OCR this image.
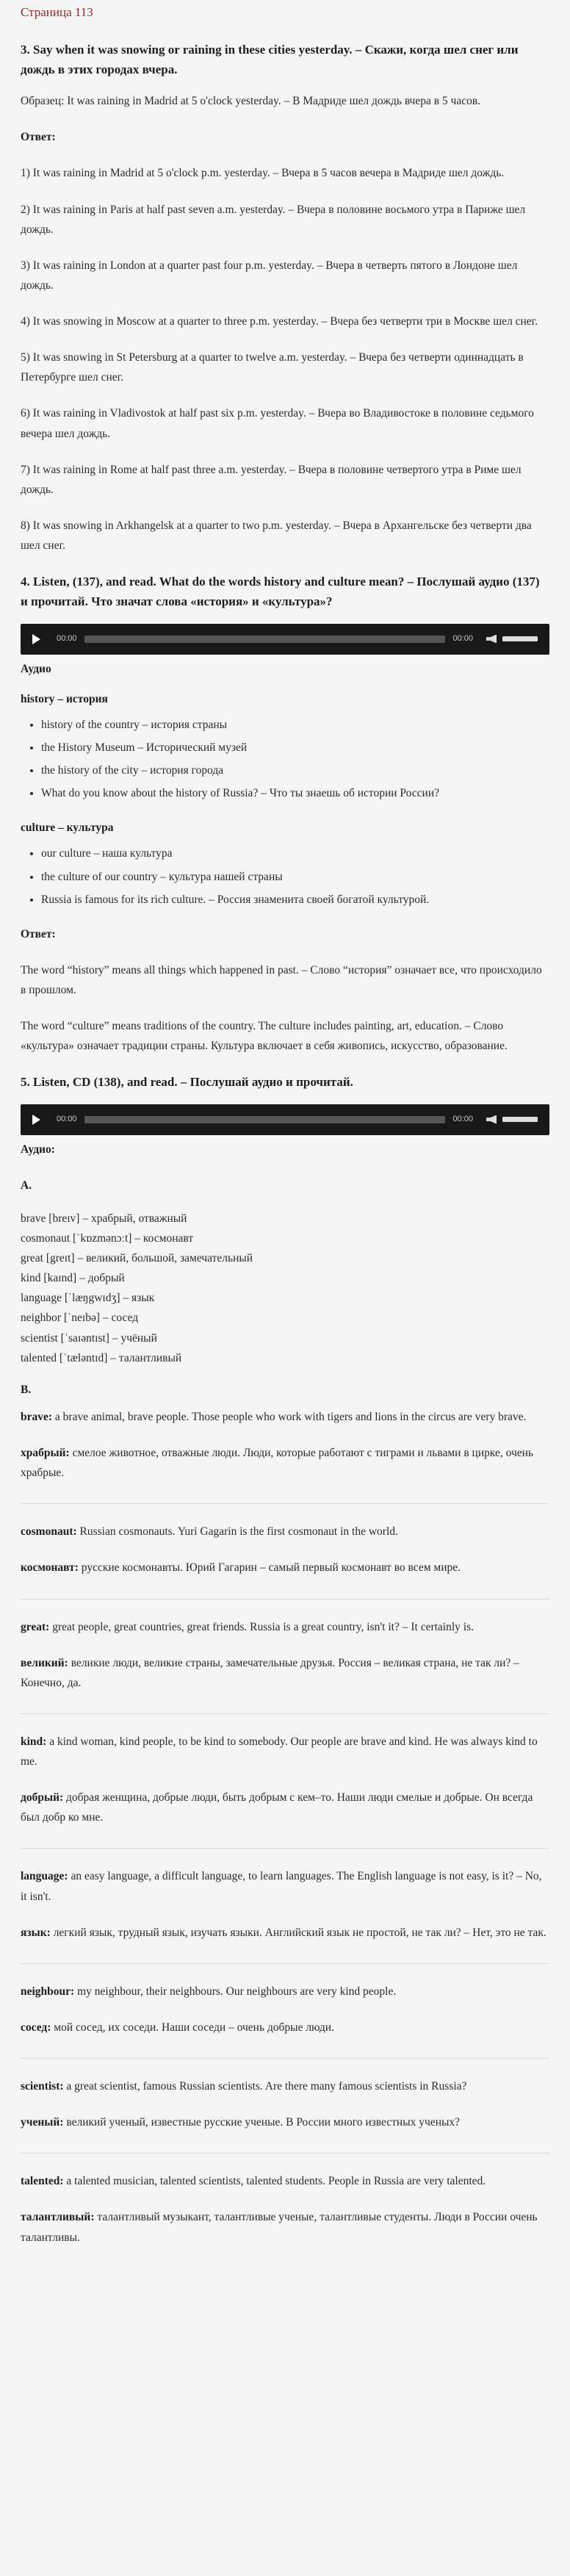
Страница 113
3. Say when it was snowing or raining in these cities yesterday. – Скажи, когда шел снег или дождь в этих городах вчера.

Образец: It was raining in Madrid at 5 o'clock yesterday. – В Мадриде шел дождь вчера в 5 часов.

Ответ:

1) It was raining in Madrid at 5 o'clock p.m. yesterday. – Вчера в 5 часов вечера в Мадриде шел дождь.

2) It was raining in Paris at half past seven a.m. yesterday. – Вчера в половине восьмого утра в Париже шел дождь.

3) It was raining in London at a quarter past four p.m. yesterday. – Вчера в четверть пятого в Лондоне шел дождь.

4) It was snowing in Moscow at a quarter to three p.m. yesterday. – Вчера без четверти три в Москве шел снег.

5) It was snowing in St Petersburg at a quarter to twelve a.m. yesterday. – Вчера без четверти одиннадцать в Петербурге шел снег.

6) It was raining in Vladivostok at half past six p.m. yesterday. – Вчера во Владивостоке в половине седьмого вечера шел дождь.

7) It was raining in Rome at half past three a.m. yesterday. – Вчера в половине четвертого утра в Риме шел дождь.

8) It was snowing in Arkhangelsk at a quarter to two p.m. yesterday. – Вчера в Архангельске без четверти два шел снег.

4. Listen, (137), and read. What do the words history and culture mean? – Послушай аудио (137) и прочитай. Что значат слова «история» и «культура»?
00:00	00:00

Аудио

history – история

• history of the country – история страны
• the History Museum – Исторический музей
• the history of the city – история города
• What do you know about the history of Russia? – Что ты знаешь об истории России?

culture – культура

• our culture – наша культура
• the culture of our country – культура нашей страны
• Russia is famous for its rich culture. – Россия знаменита своей богатой культурой.

Ответ:

The word “history” means all things which happened in past. – Слово “история” означает все, что происходило в прошлом.

The word “culture” means traditions of the country. The culture includes painting, art, education. – Слово «культура» означает традиции страны. Культура включает в себя живопись, искусство, образование.

5. Listen, CD (138), and read. – Послушай аудио и прочитай.
00:00	00:00

Аудио:

A.

brave [breɪv] – храбрый, отважный
cosmonaut [ˈkɒzmənɔːt] – космонавт
great [greɪt] – великий, большой, замечательный
kind [kaɪnd] – добрый
language [ˈlæŋgwɪdʒ] – язык
neighbor [ˈneɪbə] – сосед
scientist [ˈsaɪəntɪst] – учёный
talented [ˈtæləntɪd] – талантливый

B.

brave: a brave animal, brave people. Those people who work with tigers and lions in the circus are very brave.

храбрый: смелое животное, отважные люди. Люди, которые работают с тиграми и львами в цирке, очень храбрые.

cosmonaut: Russian cosmonauts. Yuri Gagarin is the first cosmonaut in the world.

космонавт: русские космонавты. Юрий Гагарин – самый первый космонавт во всем мире.

great: great people, great countries, great friends. Russia is a great country, isn't it? – It certainly is.

великий: великие люди, великие страны, замечательные друзья. Россия – великая страна, не так ли? – Конечно, да.

kind: a kind woman, kind people, to be kind to somebody. Our people are brave and kind. He was always kind to me.

добрый: добрая женщина, добрые люди, быть добрым с кем–то. Наши люди смелые и добрые. Он всегда был добр ко мне.

language: an easy language, a difficult language, to learn languages. The English language is not easy, is it? – No, it isn't.

язык: легкий язык, трудный язык, изучать языки. Английский язык не простой, не так ли? – Нет, это не так.

neighbour: my neighbour, their neighbours. Our neighbours are very kind people.

сосед: мой сосед, их соседи. Наши соседи – очень добрые люди.

scientist: a great scientist, famous Russian scientists. Are there many famous scientists in Russia?

ученый: великий ученый, известные русские ученые. В России много известных ученых?

talented: a talented musician, talented scientists, talented students. People in Russia are very talented.

талантливый: талантливый музыкант, талантливые ученые, талантливые студенты. Люди в России очень талантливы.
